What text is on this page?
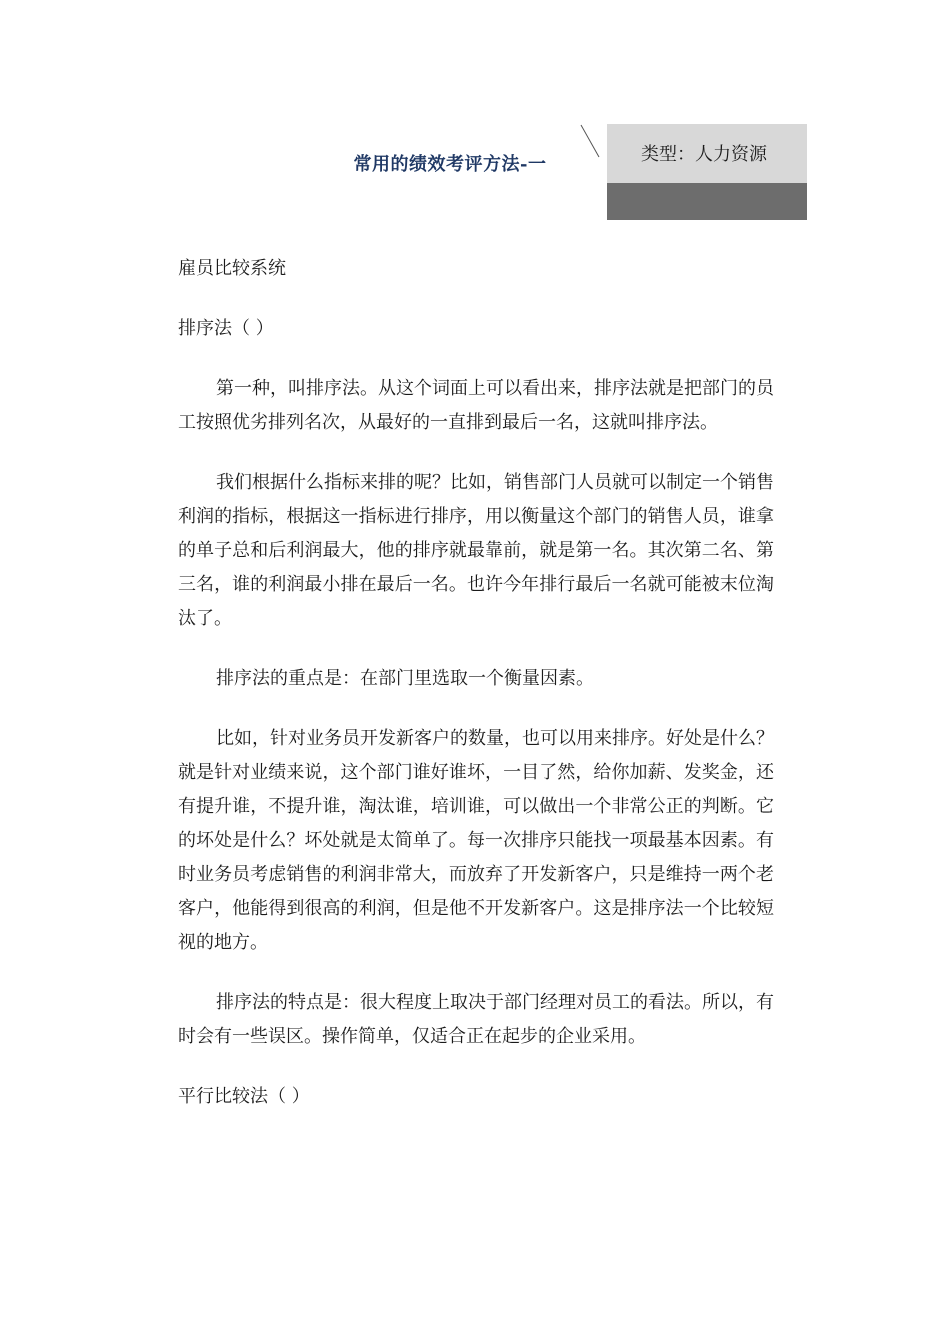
常用的绩效考评方法-一	类型：人力资源

雇员比较系统

排序法（ ）

第一种，叫排序法。从这个词面上可以看出来，排序法就是把部门的员工按照优劣排列名次，从最好的一直排到最后一名，这就叫排序法。

我们根据什么指标来排的呢？比如，销售部门人员就可以制定一个销售利润的指标，根据这一指标进行排序，用以衡量这个部门的销售人员，谁拿的单子总和后利润最大，他的排序就最靠前，就是第一名。其次第二名、第三名，谁的利润最小排在最后一名。也许今年排行最后一名就可能被末位淘汰了。

排序法的重点是：在部门里选取一个衡量因素。

比如，针对业务员开发新客户的数量，也可以用来排序。好处是什么？就是针对业绩来说，这个部门谁好谁坏，一目了然，给你加薪、发奖金，还有提升谁，不提升谁，淘汰谁，培训谁，可以做出一个非常公正的判断。它的坏处是什么？坏处就是太简单了。每一次排序只能找一项最基本因素。有时业务员考虑销售的利润非常大，而放弃了开发新客户，只是维持一两个老客户，他能得到很高的利润，但是他不开发新客户。这是排序法一个比较短视的地方。

排序法的特点是：很大程度上取决于部门经理对员工的看法。所以，有时会有一些误区。操作简单，仅适合正在起步的企业采用。

平行比较法（ ）
